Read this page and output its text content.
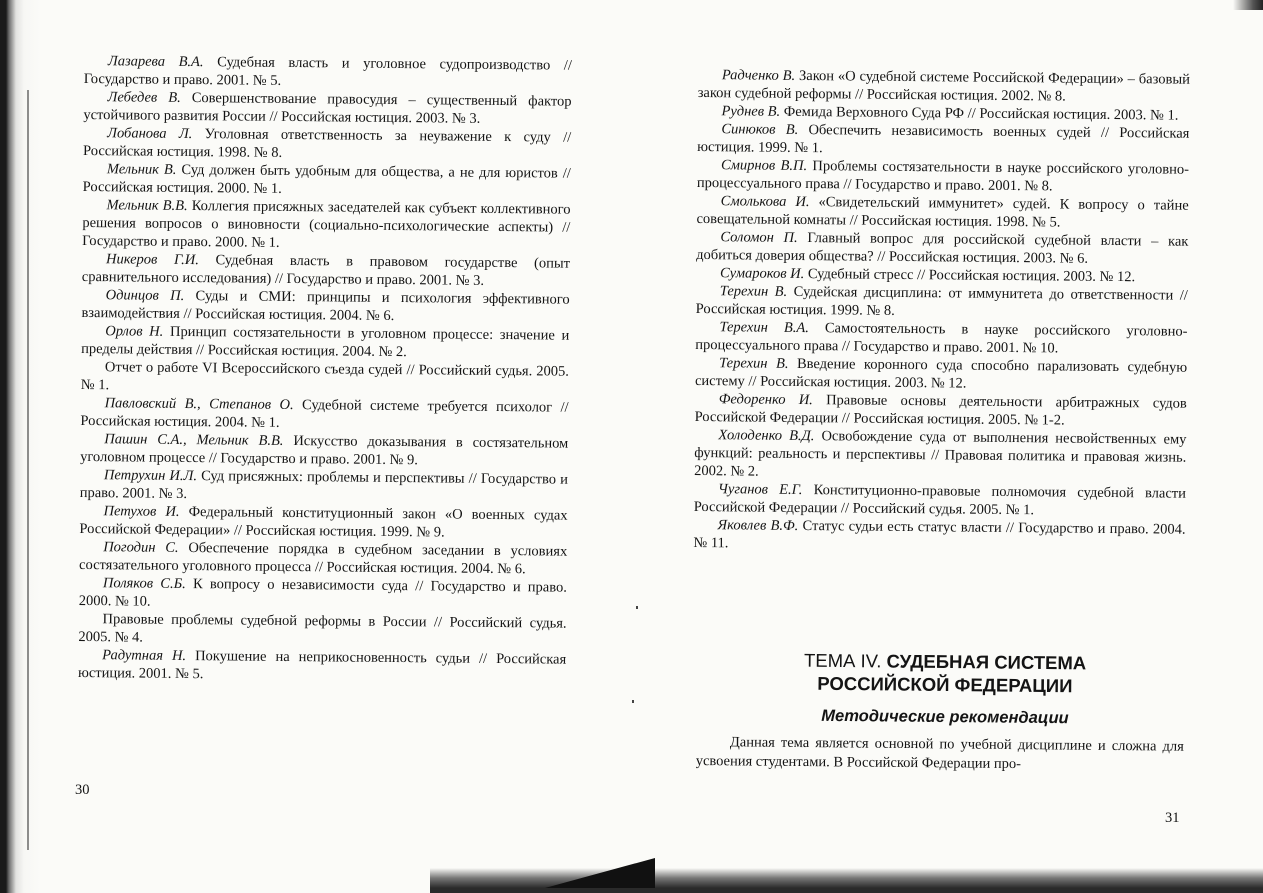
Лазарева В.А. Судебная власть и уголовное судопроизводство // Государство и право. 2001. № 5.

Лебедев В. Совершенствование правосудия – существенный фактор устойчивого развития России // Российская юстиция. 2003. № 3.

Лобанова Л. Уголовная ответственность за неуважение к суду // Российская юстиция. 1998. № 8.

Мельник В. Суд должен быть удобным для общества, а не для юристов // Российская юстиция. 2000. № 1.

Мельник В.В. Коллегия присяжных заседателей как субъект коллективного решения вопросов о виновности (социально-психологические аспекты) // Государство и право. 2000. № 1.

Никеров Г.И. Судебная власть в правовом государстве (опыт сравнительного исследования) // Государство и право. 2001. № 3.

Одинцов П. Суды и СМИ: принципы и психология эффективного взаимодействия // Российская юстиция. 2004. № 6.

Орлов Н. Принцип состязательности в уголовном процессе: значение и пределы действия // Российская юстиция. 2004. № 2.

Отчет о работе VI Всероссийского съезда судей // Российский судья. 2005. № 1.

Павловский В., Степанов О. Судебной системе требуется психолог // Российская юстиция. 2004. № 1.

Пашин С.А., Мельник В.В. Искусство доказывания в состязательном уголовном процессе // Государство и право. 2001. № 9.

Петрухин И.Л. Суд присяжных: проблемы и перспективы // Государство и право. 2001. № 3.

Петухов И. Федеральный конституционный закон «О военных судах Российской Федерации» // Российская юстиция. 1999. № 9.

Погодин С. Обеспечение порядка в судебном заседании в условиях состязательного уголовного процесса // Российская юстиция. 2004. № 6.

Поляков С.Б. К вопросу о независимости суда // Государство и право. 2000. № 10.

Правовые проблемы судебной реформы в России // Российский судья. 2005. № 4.

Радутная Н. Покушение на неприкосновенность судьи // Российская юстиция. 2001. № 5.

Радченко В. Закон «О судебной системе Российской Федерации» – базовый закон судебной реформы // Российская юстиция. 2002. № 8.

Руднев В. Фемида Верховного Суда РФ // Российская юстиция. 2003. № 1.

Синюков В. Обеспечить независимость военных судей // Российская юстиция. 1999. № 1.

Смирнов В.П. Проблемы состязательности в науке российского уголовно-процессуального права // Государство и право. 2001. № 8.

Смолькова И. «Свидетельский иммунитет» судей. К вопросу о тайне совещательной комнаты // Российская юстиция. 1998. № 5.

Соломон П. Главный вопрос для российской судебной власти – как добиться доверия общества? // Российская юстиция. 2003. № 6.

Сумароков И. Судебный стресс // Российская юстиция. 2003. № 12.

Терехин В. Судейская дисциплина: от иммунитета до ответственности // Российская юстиция. 1999. № 8.

Терехин В.А. Самостоятельность в науке российского уголовно-процессуального права // Государство и право. 2001. № 10.

Терехин В. Введение коронного суда способно парализовать судебную систему // Российская юстиция. 2003. № 12.

Федоренко И. Правовые основы деятельности арбитражных судов Российской Федерации // Российская юстиция. 2005. № 1-2.

Холоденко В.Д. Освобождение суда от выполнения несвойственных ему функций: реальность и перспективы // Правовая политика и правовая жизнь. 2002. № 2.

Чуганов Е.Г. Конституционно-правовые полномочия судебной власти Российской Федерации // Российский судья. 2005. № 1.

Яковлев В.Ф. Статус судьи есть статус власти // Государство и право. 2004. № 11.

30
ТЕМА IV. СУДЕБНАЯ СИСТЕМА
РОССИЙСКОЙ ФЕДЕРАЦИИ
Методические рекомендации

Данная тема является основной по учебной дисциплине и сложна для усвоения студентами. В Российской Федерации про-

31
